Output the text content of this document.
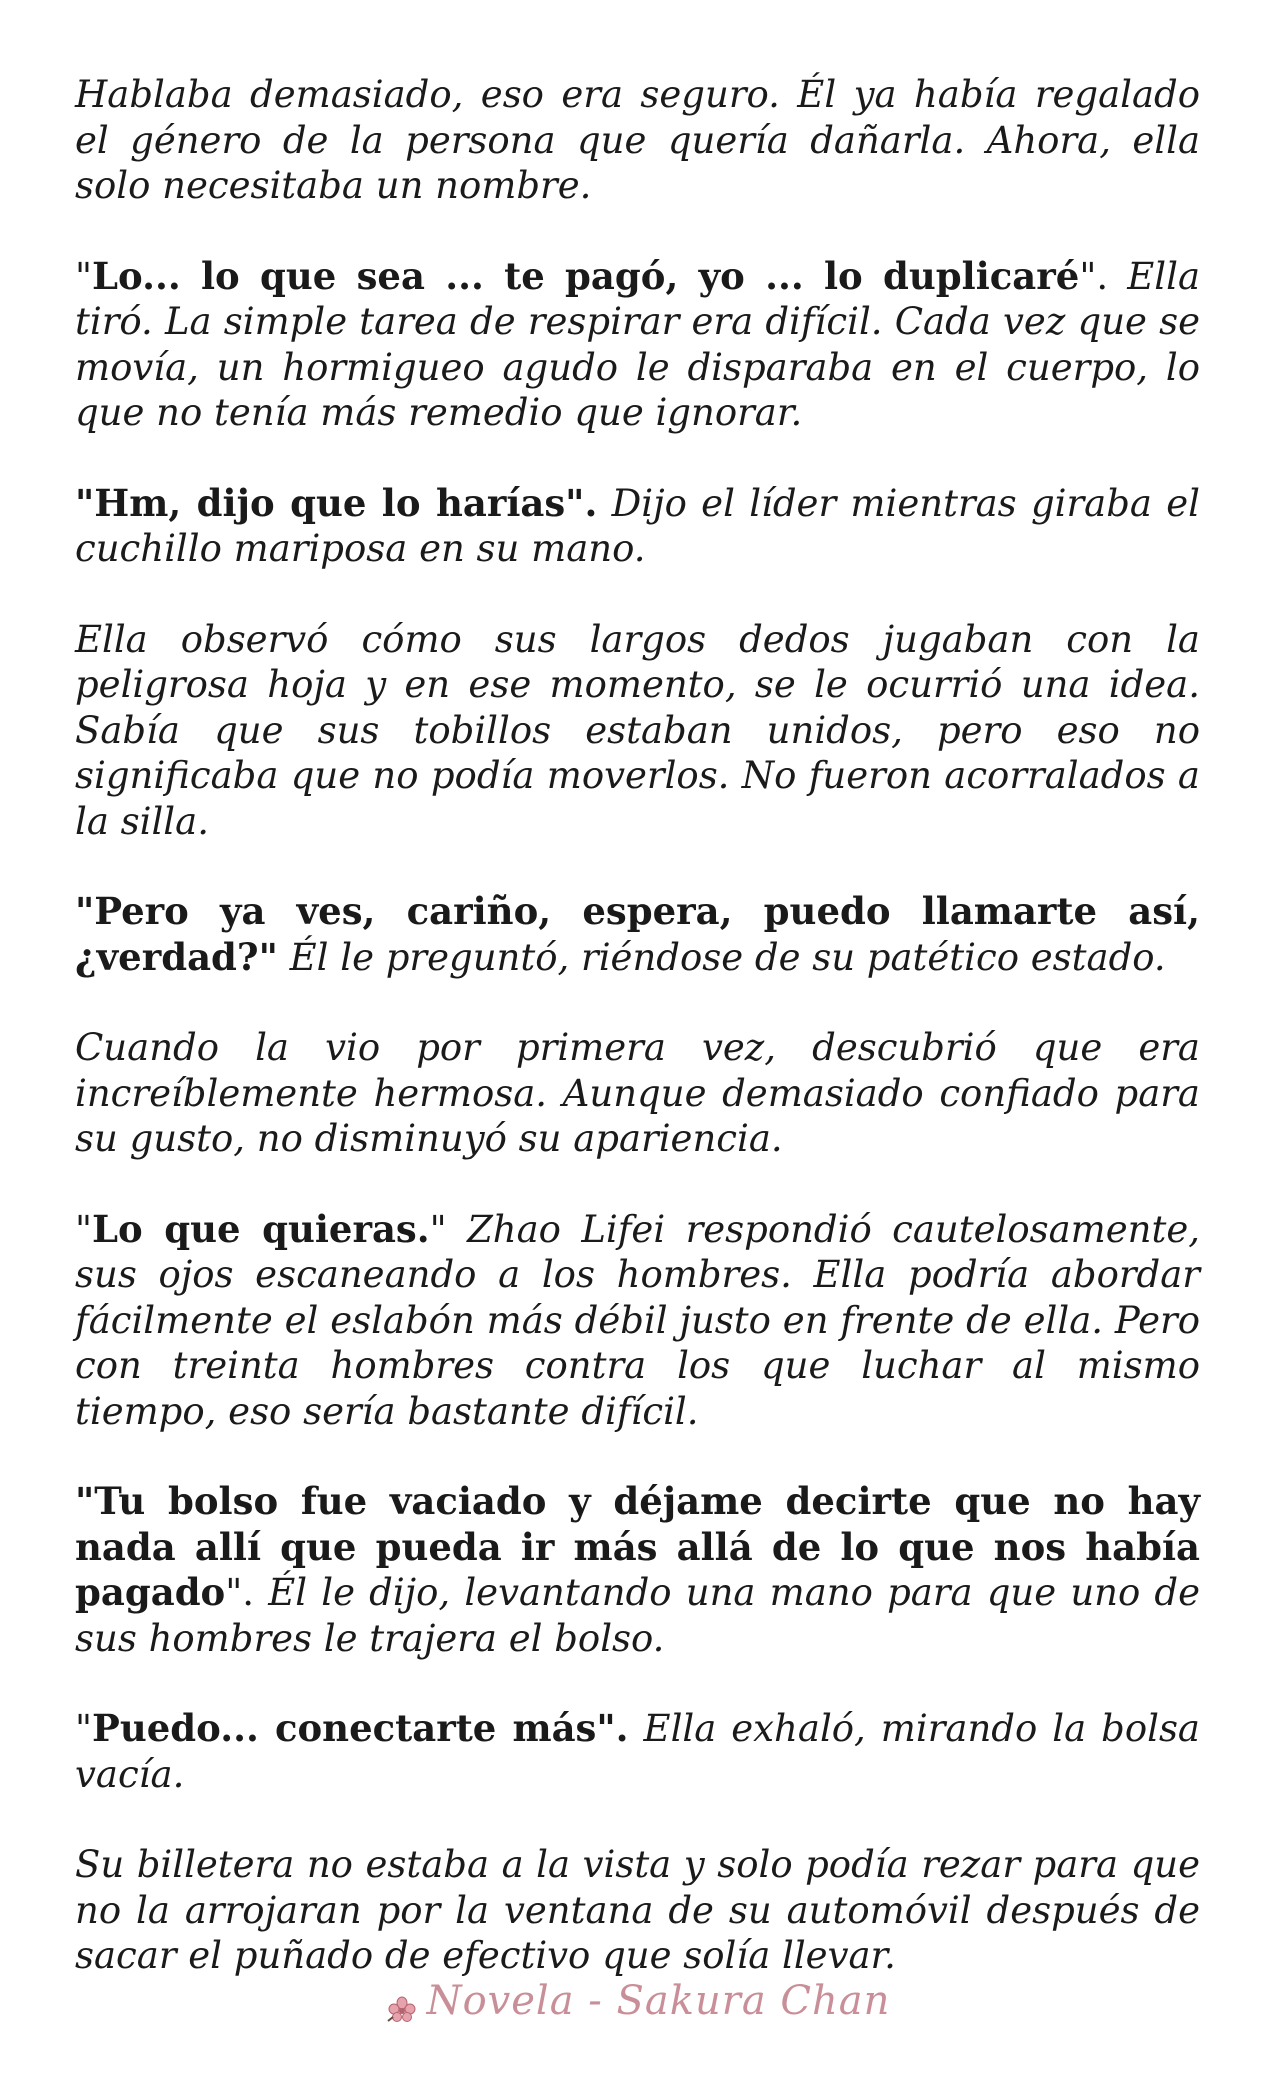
Hablaba demasiado, eso era seguro. Él ya había regalado el género de la persona que quería dañarla. Ahora, ella solo necesitaba un nombre.

"Lo... lo que sea ... te pagó, yo ... lo duplicaré". Ella tiró. La simple tarea de respirar era difícil. Cada vez que se movía, un hormigueo agudo le disparaba en el cuerpo, lo que no tenía más remedio que ignorar.

"Hm, dijo que lo harías". Dijo el líder mientras giraba el cuchillo mariposa en su mano.

Ella observó cómo sus largos dedos jugaban con la peligrosa hoja y en ese momento, se le ocurrió una idea. Sabía que sus tobillos estaban unidos, pero eso no significaba que no podía moverlos. No fueron acorralados a la silla.

"Pero ya ves, cariño, espera, puedo llamarte así, ¿verdad?" Él le preguntó, riéndose de su patético estado.

Cuando la vio por primera vez, descubrió que era increíblemente hermosa. Aunque demasiado confiado para su gusto, no disminuyó su apariencia.

"Lo que quieras." Zhao Lifei respondió cautelosamente, sus ojos escaneando a los hombres. Ella podría abordar fácilmente el eslabón más débil justo en frente de ella. Pero con treinta hombres contra los que luchar al mismo tiempo, eso sería bastante difícil.

"Tu bolso fue vaciado y déjame decirte que no hay nada allí que pueda ir más allá de lo que nos había pagado". Él le dijo, levantando una mano para que uno de sus hombres le trajera el bolso.

"Puedo... conectarte más". Ella exhaló, mirando la bolsa vacía.

Su billetera no estaba a la vista y solo podía rezar para que no la arrojaran por la ventana de su automóvil después de sacar el puñado de efectivo que solía llevar.

Novela - Sakura Chan
